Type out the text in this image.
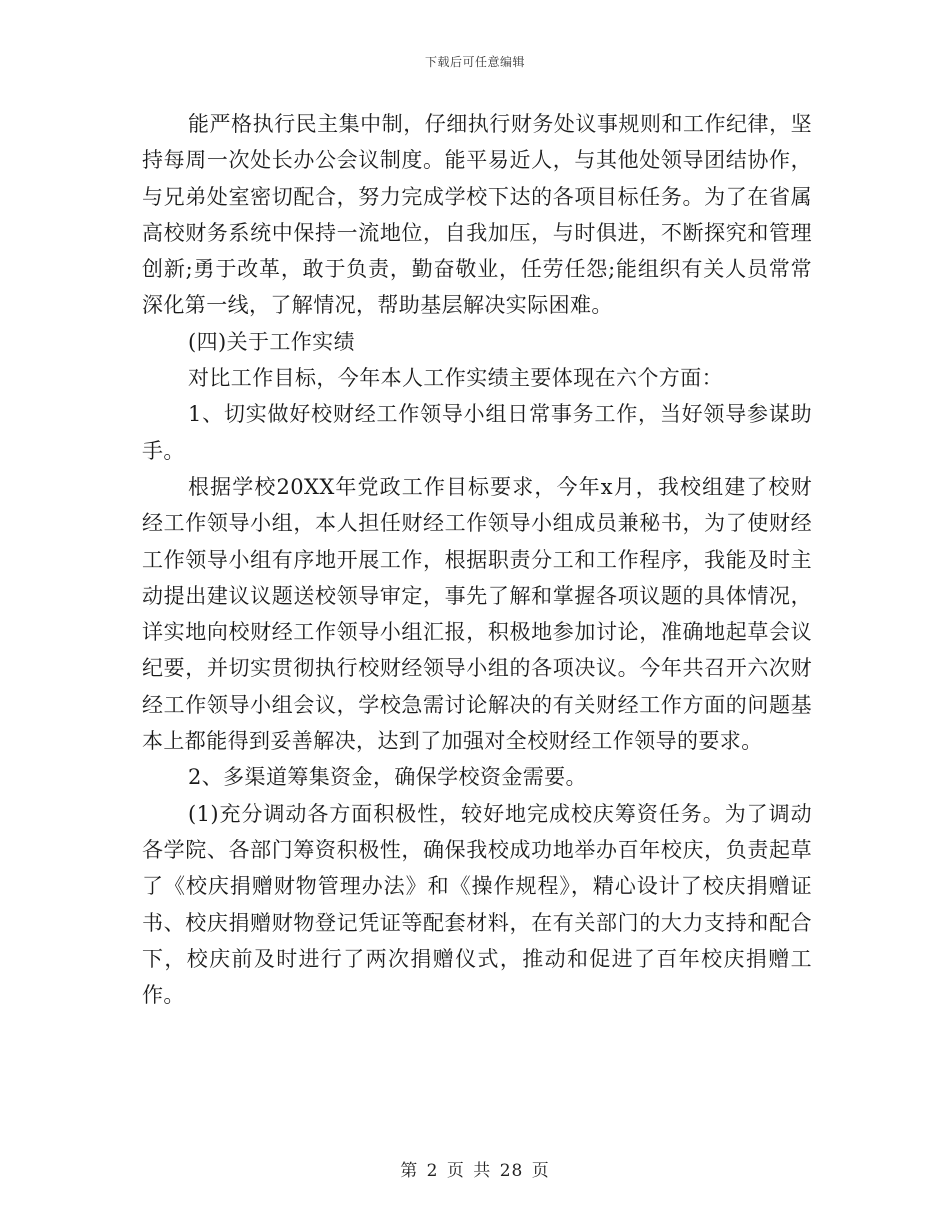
下载后可任意编辑

能严格执行民主集中制，仔细执行财务处议事规则和工作纪律，坚持每周一次处长办公会议制度。能平易近人，与其他处领导团结协作，与兄弟处室密切配合，努力完成学校下达的各项目标任务。为了在省属高校财务系统中保持一流地位，自我加压，与时俱进，不断探究和管理创新;勇于改革，敢于负责，勤奋敬业，任劳任怨;能组织有关人员常常深化第一线，了解情况，帮助基层解决实际困难。

(四)关于工作实绩

对比工作目标，今年本人工作实绩主要体现在六个方面：

1、切实做好校财经工作领导小组日常事务工作，当好领导参谋助手。

根据学校20XX年党政工作目标要求，今年x月，我校组建了校财经工作领导小组，本人担任财经工作领导小组成员兼秘书，为了使财经工作领导小组有序地开展工作，根据职责分工和工作程序，我能及时主动提出建议议题送校领导审定，事先了解和掌握各项议题的具体情况，详实地向校财经工作领导小组汇报，积极地参加讨论，准确地起草会议纪要，并切实贯彻执行校财经领导小组的各项决议。今年共召开六次财经工作领导小组会议，学校急需讨论解决的有关财经工作方面的问题基本上都能得到妥善解决，达到了加强对全校财经工作领导的要求。

2、多渠道筹集资金，确保学校资金需要。

(1)充分调动各方面积极性，较好地完成校庆筹资任务。为了调动各学院、各部门筹资积极性，确保我校成功地举办百年校庆，负责起草了《校庆捐赠财物管理办法》和《操作规程》，精心设计了校庆捐赠证书、校庆捐赠财物登记凭证等配套材料，在有关部门的大力支持和配合下，校庆前及时进行了两次捐赠仪式，推动和促进了百年校庆捐赠工作。

第 2 页 共 28 页
